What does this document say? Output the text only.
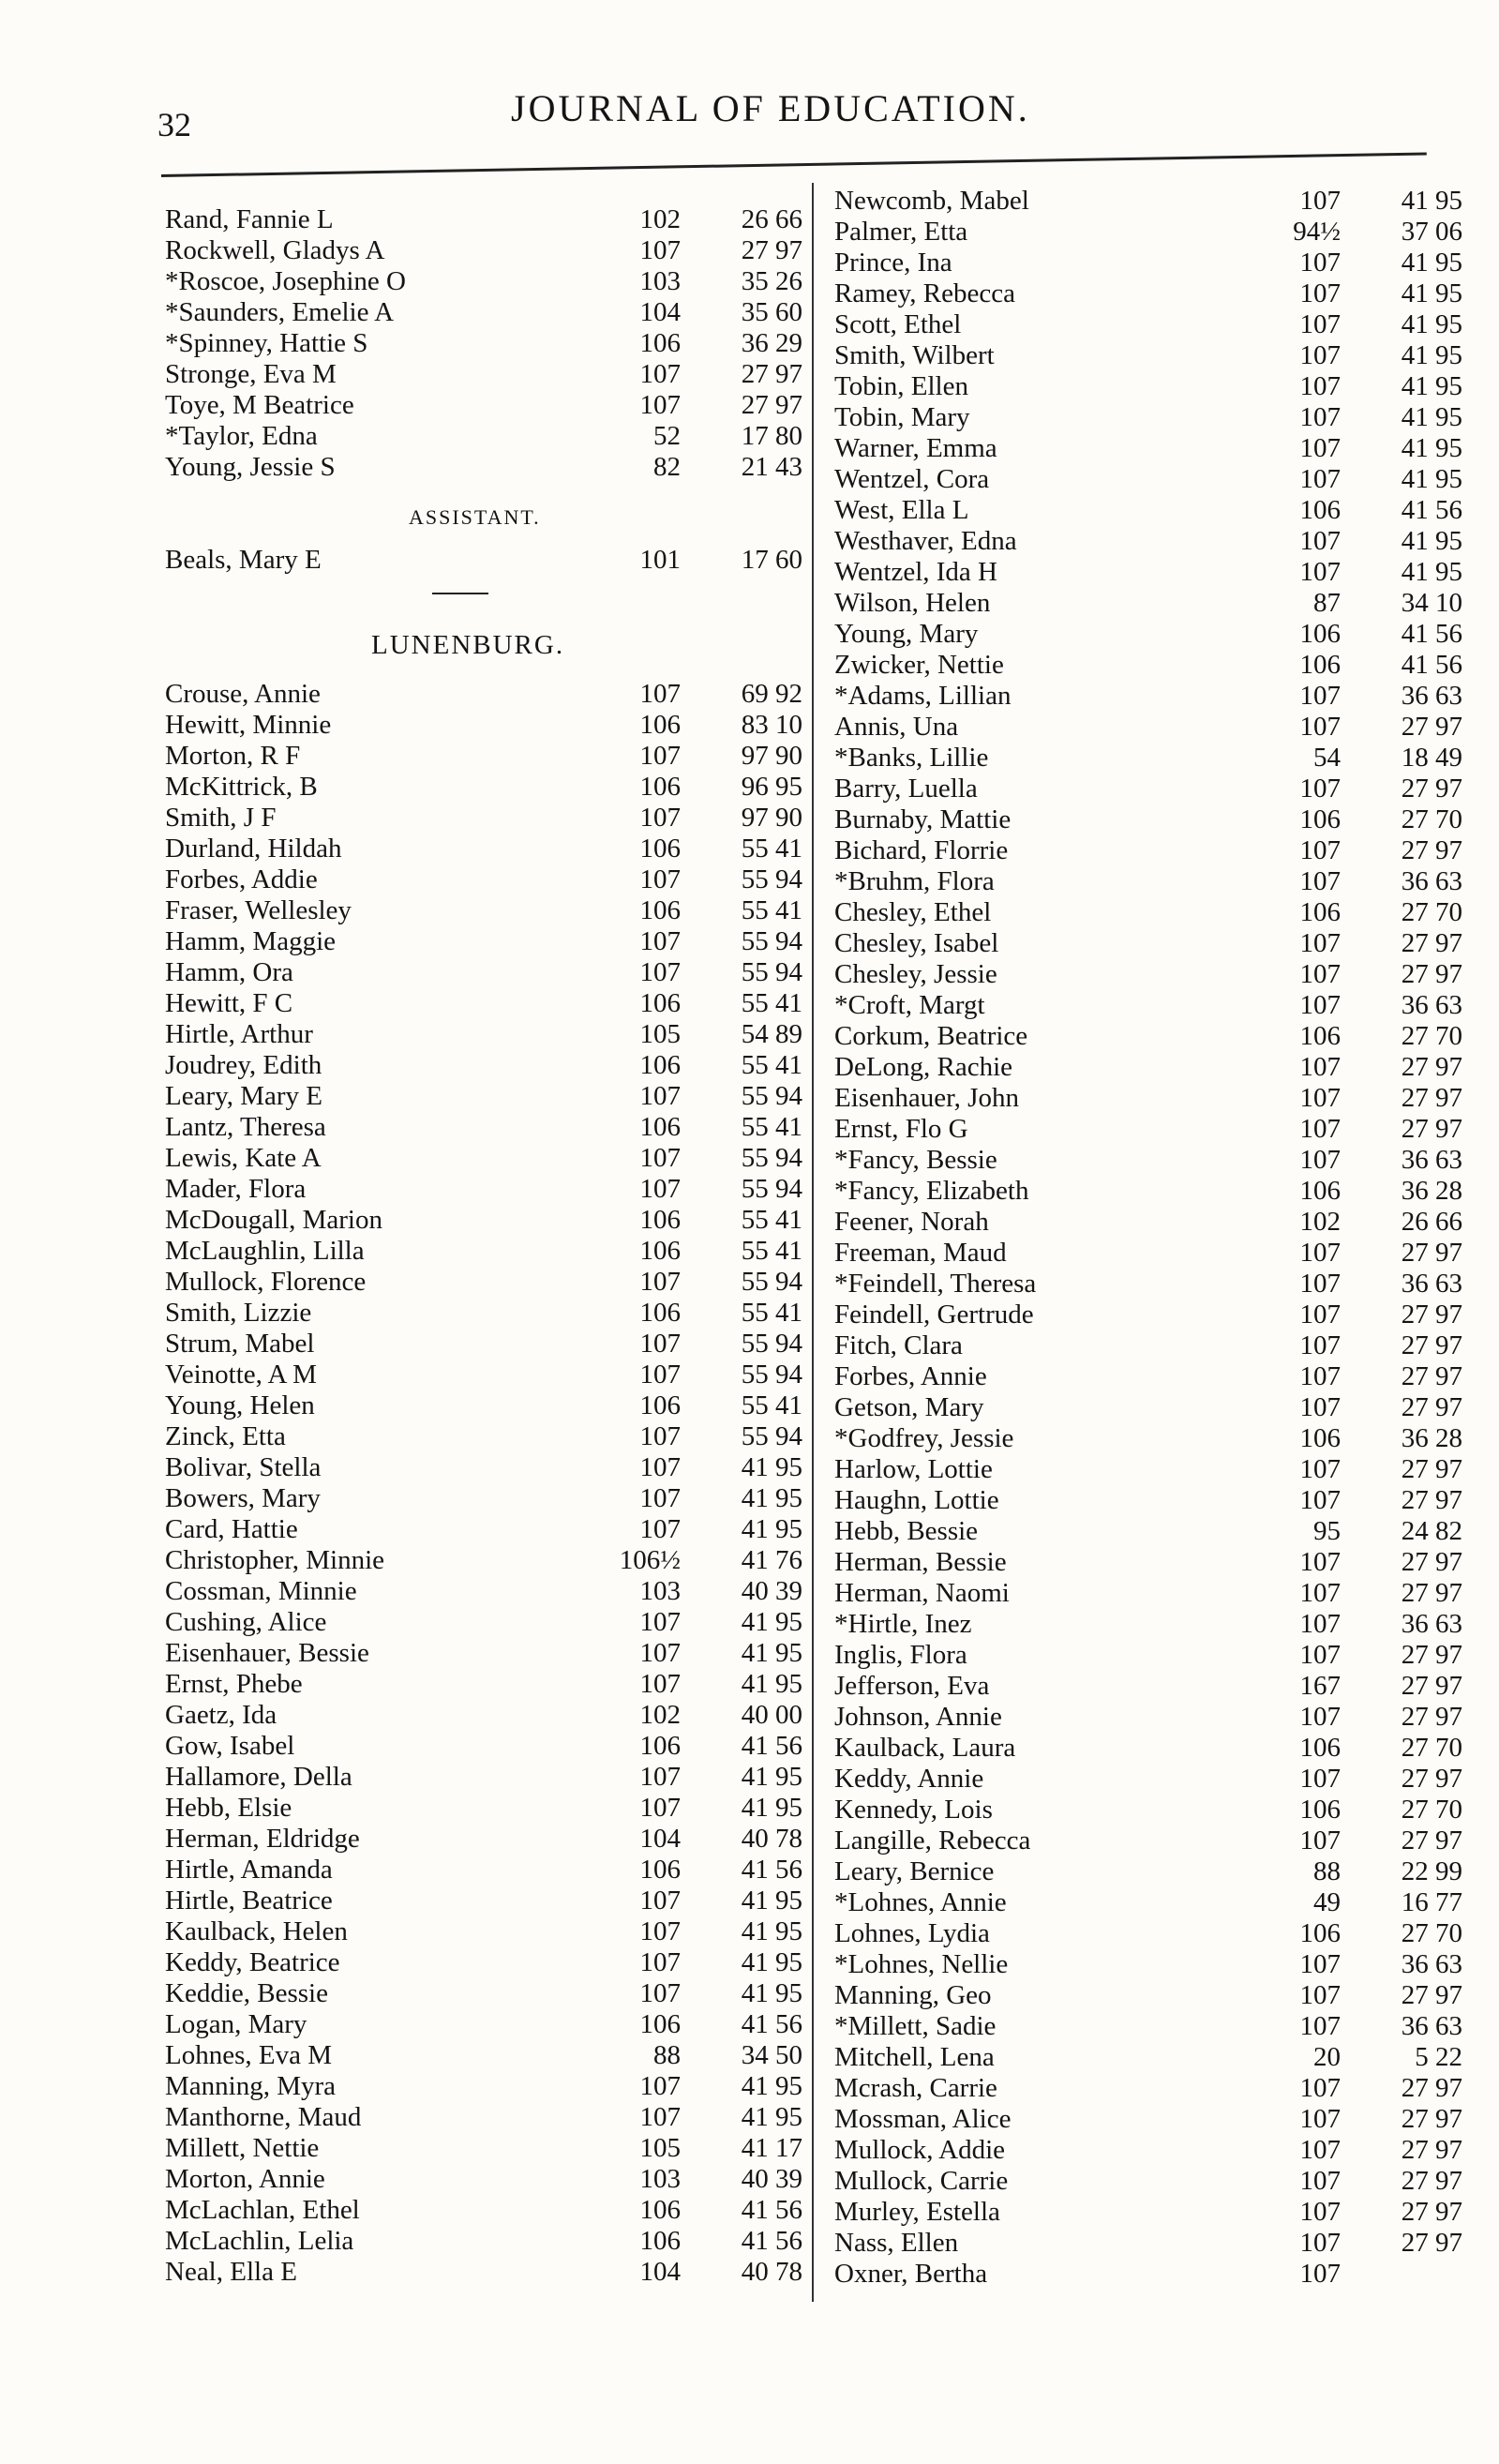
32	JOURNAL OF EDUCATION.
Rand, Fannie L	102	26 66
Rockwell, Gladys A	107	27 97
*Roscoe, Josephine O	103	35 26
*Saunders, Emelie A	104	35 60
*Spinney, Hattie S	106	36 29
Stronge, Eva M	107	27 97
Toye, M Beatrice	107	27 97
*Taylor, Edna	52	17 80
Young, Jessie S	82	21 43
ASSISTANT.
Beals, Mary E	101	17 60
LUNENBURG.
Crouse, Annie	107	69 92
Hewitt, Minnie	106	83 10
Morton, R F	107	97 90
McKittrick, B	106	96 95
Smith, J F	107	97 90
Durland, Hildah	106	55 41
Forbes, Addie	107	55 94
Fraser, Wellesley	106	55 41
Hamm, Maggie	107	55 94
Hamm, Ora	107	55 94
Hewitt, F C	106	55 41
Hirtle, Arthur	105	54 89
Joudrey, Edith	106	55 41
Leary, Mary E	107	55 94
Lantz, Theresa	106	55 41
Lewis, Kate A	107	55 94
Mader, Flora	107	55 94
McDougall, Marion	106	55 41
McLaughlin, Lilla	106	55 41
Mullock, Florence	107	55 94
Smith, Lizzie	106	55 41
Strum, Mabel	107	55 94
Veinotte, A M	107	55 94
Young, Helen	106	55 41
Zinck, Etta	107	55 94
Bolivar, Stella	107	41 95
Bowers, Mary	107	41 95
Card, Hattie	107	41 95
Christopher, Minnie	106½	41 76
Cossman, Minnie	103	40 39
Cushing, Alice	107	41 95
Eisenhauer, Bessie	107	41 95
Ernst, Phebe	107	41 95
Gaetz, Ida	102	40 00
Gow, Isabel	106	41 56
Hallamore, Della	107	41 95
Hebb, Elsie	107	41 95
Herman, Eldridge	104	40 78
Hirtle, Amanda	106	41 56
Hirtle, Beatrice	107	41 95
Kaulback, Helen	107	41 95
Keddy, Beatrice	107	41 95
Keddie, Bessie	107	41 95
Logan, Mary	106	41 56
Lohnes, Eva M	88	34 50
Manning, Myra	107	41 95
Manthorne, Maud	107	41 95
Millett, Nettie	105	41 17
Morton, Annie	103	40 39
McLachlan, Ethel	106	41 56
McLachlin, Lelia	106	41 56
Neal, Ella E	104	40 78
Newcomb, Mabel	107	41 95
Palmer, Etta	94½	37 06
Prince, Ina	107	41 95
Ramey, Rebecca	107	41 95
Scott, Ethel	107	41 95
Smith, Wilbert	107	41 95
Tobin, Ellen	107	41 95
Tobin, Mary	107	41 95
Warner, Emma	107	41 95
Wentzel, Cora	107	41 95
West, Ella L	106	41 56
Westhaver, Edna	107	41 95
Wentzel, Ida H	107	41 95
Wilson, Helen	87	34 10
Young, Mary	106	41 56
Zwicker, Nettie	106	41 56
*Adams, Lillian	107	36 63
Annis, Una	107	27 97
*Banks, Lillie	54	18 49
Barry, Luella	107	27 97
Burnaby, Mattie	106	27 70
Bichard, Florrie	107	27 97
*Bruhm, Flora	107	36 63
Chesley, Ethel	106	27 70
Chesley, Isabel	107	27 97
Chesley, Jessie	107	27 97
*Croft, Margt	107	36 63
Corkum, Beatrice	106	27 70
DeLong, Rachie	107	27 97
Eisenhauer, John	107	27 97
Ernst, Flo G	107	27 97
*Fancy, Bessie	107	36 63
*Fancy, Elizabeth	106	36 28
Feener, Norah	102	26 66
Freeman, Maud	107	27 97
*Feindell, Theresa	107	36 63
Feindell, Gertrude	107	27 97
Fitch, Clara	107	27 97
Forbes, Annie	107	27 97
Getson, Mary	107	27 97
*Godfrey, Jessie	106	36 28
Harlow, Lottie	107	27 97
Haughn, Lottie	107	27 97
Hebb, Bessie	95	24 82
Herman, Bessie	107	27 97
Herman, Naomi	107	27 97
*Hirtle, Inez	107	36 63
Inglis, Flora	107	27 97
Jefferson, Eva	167	27 97
Johnson, Annie	107	27 97
Kaulback, Laura	106	27 70
Keddy, Annie	107	27 97
Kennedy, Lois	106	27 70
Langille, Rebecca	107	27 97
Leary, Bernice	88	22 99
*Lohnes, Annie	49	16 77
Lohnes, Lydia	106	27 70
*Lohnes, Nellie	107	36 63
Manning, Geo	107	27 97
*Millett, Sadie	107	36 63
Mitchell, Lena	20	5 22
Mcrash, Carrie	107	27 97
Mossman, Alice	107	27 97
Mullock, Addie	107	27 97
Mullock, Carrie	107	27 97
Murley, Estella	107	27 97
Nass, Ellen	107	27 97
Oxner, Bertha	107
